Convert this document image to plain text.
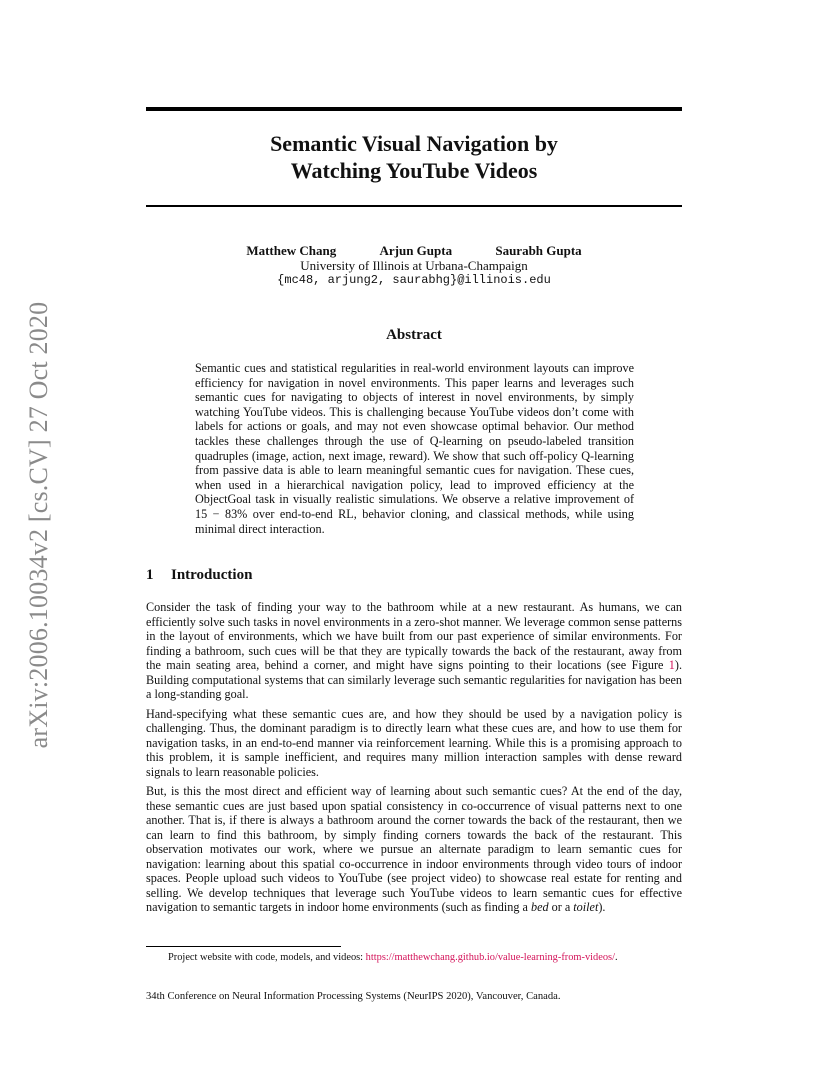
arXiv:2006.10034v2 [cs.CV] 27 Oct 2020
Semantic Visual Navigation by
Watching YouTube Videos
Matthew Chang	Arjun Gupta	Saurabh Gupta
University of Illinois at Urbana-Champaign
{mc48, arjung2, saurabhg}@illinois.edu
Abstract
Semantic cues and statistical regularities in real-world environment layouts can improve efficiency for navigation in novel environments. This paper learns and leverages such semantic cues for navigating to objects of interest in novel environments, by simply watching YouTube videos. This is challenging because YouTube videos don’t come with labels for actions or goals, and may not even showcase optimal behavior. Our method tackles these challenges through the use of Q-learning on pseudo-labeled transition quadruples (image, action, next image, reward). We show that such off-policy Q-learning from passive data is able to learn meaningful semantic cues for navigation. These cues, when used in a hierarchical navigation policy, lead to improved efficiency at the ObjectGoal task in visually realistic simulations. We observe a relative improvement of 15 − 83% over end-to-end RL, behavior cloning, and classical methods, while using minimal direct interaction.
1 Introduction

Consider the task of finding your way to the bathroom while at a new restaurant. As humans, we can efficiently solve such tasks in novel environments in a zero-shot manner. We leverage common sense patterns in the layout of environments, which we have built from our past experience of similar environments. For finding a bathroom, such cues will be that they are typically towards the back of the restaurant, away from the main seating area, behind a corner, and might have signs pointing to their locations (see Figure 1). Building computational systems that can similarly leverage such semantic regularities for navigation has been a long-standing goal.

Hand-specifying what these semantic cues are, and how they should be used by a navigation policy is challenging. Thus, the dominant paradigm is to directly learn what these cues are, and how to use them for navigation tasks, in an end-to-end manner via reinforcement learning. While this is a promising approach to this problem, it is sample inefficient, and requires many million interaction samples with dense reward signals to learn reasonable policies.

But, is this the most direct and efficient way of learning about such semantic cues? At the end of the day, these semantic cues are just based upon spatial consistency in co-occurrence of visual patterns next to one another. That is, if there is always a bathroom around the corner towards the back of the restaurant, then we can learn to find this bathroom, by simply finding corners towards the back of the restaurant. This observation motivates our work, where we pursue an alternate paradigm to learn semantic cues for navigation: learning about this spatial co-occurrence in indoor environments through video tours of indoor spaces. People upload such videos to YouTube (see project video) to showcase real estate for renting and selling. We develop techniques that leverage such YouTube videos to learn semantic cues for effective navigation to semantic targets in indoor home environments (such as finding a bed or a toilet).

Project website with code, models, and videos: https://matthewchang.github.io/value-learning-from-videos/.
34th Conference on Neural Information Processing Systems (NeurIPS 2020), Vancouver, Canada.
